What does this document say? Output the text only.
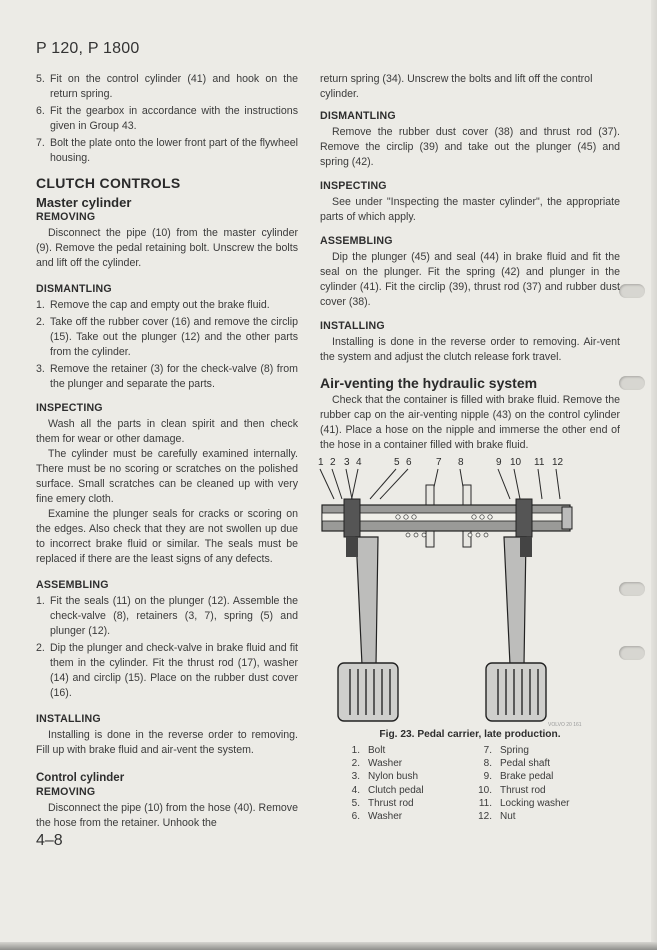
P 120, P 1800
5. Fit on the control cylinder (41) and hook on the return spring.
6. Fit the gearbox in accordance with the instructions given in Group 43.
7. Bolt the plate onto the lower front part of the flywheel housing.
CLUTCH CONTROLS
Master cylinder
REMOVING

Disconnect the pipe (10) from the master cylinder (9). Remove the pedal retaining bolt. Unscrew the bolts and lift off the cylinder.

DISMANTLING
1. Remove the cap and empty out the brake fluid.
2. Take off the rubber cover (16) and remove the circlip (15). Take out the plunger (12) and the other parts from the cylinder.
3. Remove the retainer (3) for the check-valve (8) from the plunger and separate the parts.
INSPECTING

Wash all the parts in clean spirit and then check them for wear or other damage.

The cylinder must be carefully examined internally. There must be no scoring or scratches on the polished surface. Small scratches can be cleaned up with very fine emery cloth.

Examine the plunger seals for cracks or scoring on the edges. Also check that they are not swollen up due to incorrect brake fluid or similar. The seals must be replaced if there are the least signs of any defects.

ASSEMBLING
1. Fit the seals (11) on the plunger (12). Assemble the check-valve (8), retainers (3, 7), spring (5) and plunger (12).
2. Dip the plunger and check-valve in brake fluid and fit them in the cylinder. Fit the thrust rod (17), washer (14) and circlip (15). Place on the rubber dust cover (16).
INSTALLING

Installing is done in the reverse order to removing. Fill up with brake fluid and air-vent the system.

Control cylinder
REMOVING

Disconnect the pipe (10) from the hose (40). Remove the hose from the retainer. Unhook the

return spring (34). Unscrew the bolts and lift off the control cylinder.

DISMANTLING

Remove the rubber dust cover (38) and thrust rod (37). Remove the circlip (39) and take out the plunger (45) and spring (42).

INSPECTING

See under "Inspecting the master cylinder", the appropriate parts of which apply.

ASSEMBLING

Dip the plunger (45) and seal (44) in brake fluid and fit the seal on the plunger. Fit the spring (42) and plunger in the cylinder (41). Fit the circlip (39), thrust rod (37) and rubber dust cover (38).

INSTALLING

Installing is done in the reverse order to removing. Air-vent the system and adjust the clutch release fork travel.

Air-venting the hydraulic system

Check that the container is filled with brake fluid. Remove the rubber cap on the air-venting nipple (43) on the control cylinder (41). Place a hose on the nipple and immerse the other end of the hose in a container filled with brake fluid.

1 2 3 4	5 6 7 8	9 10 11 12
Fig. 23. Pedal carrier, late production.
1. Bolt	7. Spring
2. Washer	8. Pedal shaft
3. Nylon bush	9. Brake pedal
4. Clutch pedal	10. Thrust rod
5. Thrust rod	11. Locking washer
6. Washer	12. Nut
VOLVO 20 161
4–8
